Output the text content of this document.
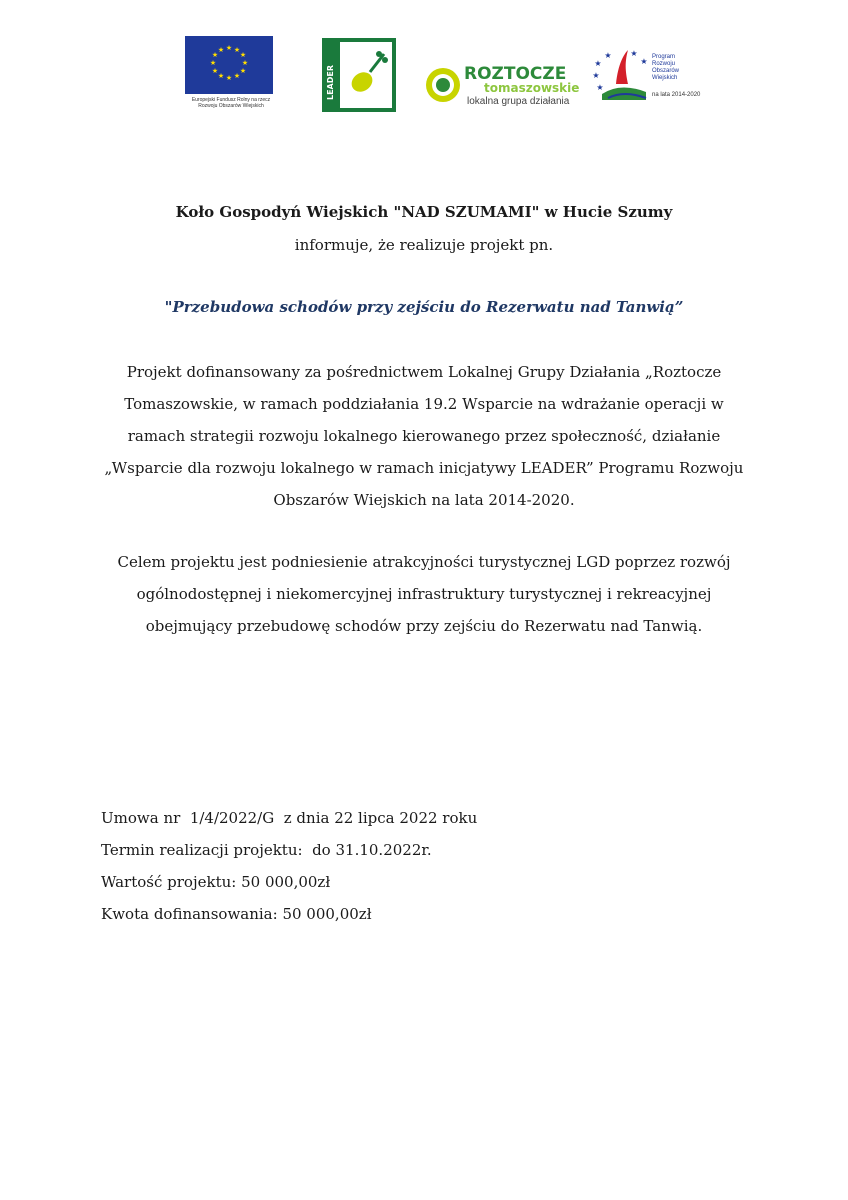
★ ★
★
★
★
★
★
★
★
★
★
★
Europejski Fundusz Rolny na rzecz Rozwoju Obszarów Wiejskich
LEADER	ROZTOCZE
tomaszowskie
lokalna grupa działania
★
★
★
★ ★
★ Program
Rozwoju
Obszarów
Wiejskich
na lata 2014-2020
Koło Gospodyń Wiejskich "NAD SZUMAMI" w Hucie Szumy
informuje, że realizuje projekt pn.
"Przebudowa schodów przy zejściu do Rezerwatu nad Tanwią”
Projekt dofinansowany za pośrednictwem Lokalnej Grupy Działania „Roztocze Tomaszowskie, w ramach poddziałania 19.2 Wsparcie na wdrażanie operacji w ramach strategii rozwoju lokalnego kierowanego przez społeczność, działanie „Wsparcie dla rozwoju lokalnego w ramach inicjatywy LEADER” Programu Rozwoju Obszarów Wiejskich na lata 2014-2020.
Celem projektu jest podniesienie atrakcyjności turystycznej LGD poprzez rozwój ogólnodostępnej i niekomercyjnej infrastruktury turystycznej i rekreacyjnej obejmujący przebudowę schodów przy zejściu do Rezerwatu nad Tanwią.
Umowa nr  1/4/2022/G  z dnia 22 lipca 2022 roku
Termin realizacji projektu:  do 31.10.2022r.
Wartość projektu: 50 000,00zł
Kwota dofinansowania: 50 000,00zł
